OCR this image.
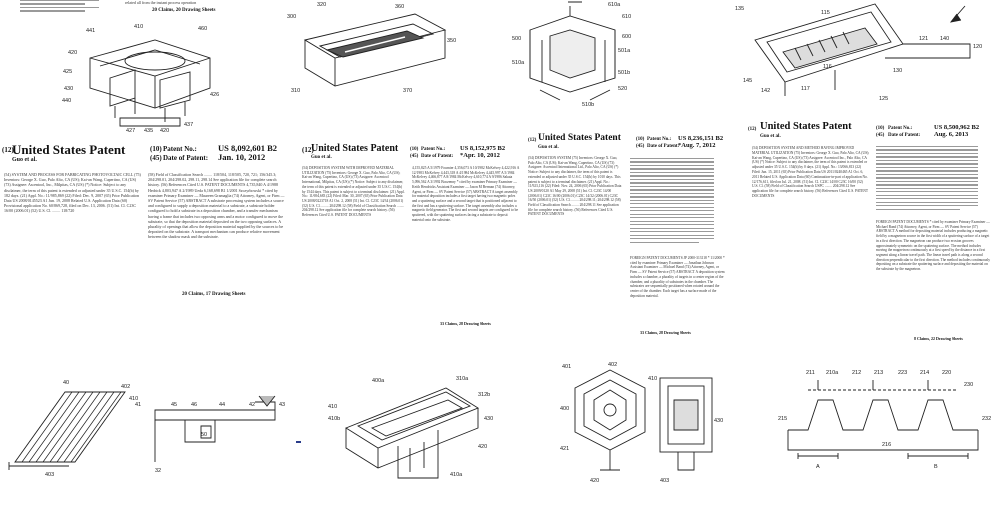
related all from the instant process operation
20 Claims, 20 Drawing Sheets
441
410	460
420
425
430
440
426
427 435 420
437
300
320	360
350
310	370
610a
610
600
500
501a
510a
501b
520
510b
135
115
121 140
120
116
145
142	117
130
125
(12)
United States Patent
Guo et al.
(10) Patent No.: US 8,092,601 B2
(45) Date of Patent: Jan. 10, 2012
(54) SYSTEM AND PROCESS FOR FABRICATING PHOTOVOLTAIC CELL (75) Inventors: George X. Guo, Palo Alto, CA (US); Kai-an Wang, Cupertino, CA (US) (73) Assignee: Ascentool, Inc., Milpitas, CA (US) (*) Notice: Subject to any disclaimer, the term of this patent is extended or adjusted under 35 U.S.C. 154(b) by 182 days. (21) Appl. No.: 11/985,869 (22) Filed: Dec. 9, 2007 (65) Prior Publication Data US 2008/0145523 A1 Jun. 19, 2008 Related U.S. Application Data (60) Provisional application No. 60/869,728, filed on Dec. 13, 2006. (51) Int. Cl. C23C 16/00 (2006.01) (52) U.S. Cl. ........ 118/720
(58) Field of Classification Search ........ 118/504, 118/505, 720, 721; 156/345.3; 204/298.01, 204/298.02, 298.11, 298.14 See application file for complete search history. (56) References Cited U.S. PATENT DOCUMENTS 4,735,840 A 4/1988 Hedrick 4,803,947 A 2/1989 Ueda 6,168,698 B1 1/2001 Szczyrbowski * cited by examiner Primary Examiner — Maureen Gramaglia (74) Attorney, Agent, or Firm — SV Patent Service (57) ABSTRACT A substrate processing system includes a source and configured to supply a deposition material to a substrate, a substrate holder configured to hold a substrate in a deposition chamber, and a transfer mechanism having a frame that includes two opposing arms and a motor configured to move the substrate, so that the deposition material deposited on the two opposing surfaces. A plurality of openings that allow the deposition material supplied by the sources to be deposited on the substrate. A transport mechanism can produce relative movement between the shadow mask and the substrate.
20 Claims, 17 Drawing Sheets
(12)
United States Patent
Guo et al.
(10) Patent No.: US 8,152,975 B2
(45) Date of Patent: *Apr. 10, 2012
(54) DEPOSITION SYSTEM WITH IMPROVED MATERIAL UTILIZATION (75) Inventors: George X. Guo, Palo Alto, CA (US); Kai-an Wang, Cupertino, CA (US) (73) Assignee: Ascentool International, Milpitas, CA (US) (*) Notice: Subject to any disclaimer, the term of this patent is extended or adjusted under 35 U.S.C. 154(b) by 1544 days. This patent is subject to a terminal disclaimer. (21) Appl. No.: 11/694,683 (22) Filed: Mar. 30, 2007 (65) Prior Publication Data US 2008/0223718 A1 Oct. 2, 2008 (51) Int. Cl. C23C 14/34 (2006.01) (52) U.S. Cl. ........ 204/298.12 (58) Field of Classification Search ........ 204/298.12 See application file for complete search history. (56) References Cited U.S. PATENT DOCUMENTS
4,155,825 A 5/1979 Fournier 4,356,073 A 10/1982 McKelvey 4,422,916 A 12/1983 McKelvey 4,443,318 A 4/1984 McKelvey 4,445,997 A 5/1984 McKelvey 4,466,877 A 8/1984 McKelvey 4,610,774 A 9/1986 Sakata 5,096,562 A 3/1992 Boozenny * cited by examiner Primary Examiner — Keith Hendricks Assistant Examiner — Jason M Berman (74) Attorney, Agent, or Firm — SV Patent Service (57) ABSTRACT A target assembly for material deposition includes a first target having two magnetic poles and a sputtering surface and a second target that is positioned adjacent to the first and has a sputtering surface. The target assembly also includes a magnetic field generator. The first and second targets are configured to be sputtered, with the sputtering surfaces facing a substrate to deposit material onto the substrate.
33 Claims, 28 Drawing Sheets
(12) United States Patent
Guo et al.
(10) Patent No.: US 8,236,151 B2
(45) Date of Patent:
*Aug. 7, 2012
(54) DEPOSITION SYSTEM (75) Inventors: George X. Guo, Palo Alto, CA (US); Kai-an Wang, Cupertino, CA (US) (73) Assignee: Ascentool International Ltd., Palo Alto, CA (US) (*) Notice: Subject to any disclaimer, the term of this patent is extended or adjusted under 35 U.S.C. 154(b) by 1010 days. This patent is subject to a terminal disclaimer. (21) Appl. No.: 11/923,116 (22) Filed: Nov. 24, 2006 (65) Prior Publication Data US 2009/0120 A1 May 29, 2008 (51) Int. Cl. C23C 14/00 (2006.01) C23C 16/00 (2006.01) C23C 14/32 (2006.01) C23C 16/50 (2006.01) (52) U.S. Cl. ........ 204/298.11; 204/298.12 (58) Field of Classification Search ........ 204/298.11 See application file for complete search history. (56) References Cited U.S. PATENT DOCUMENTS
FOREIGN PATENT DOCUMENTS JP 2000-313118 * 11/2000 * cited by examiner Primary Examiner — Jonathan Johnson Assistant Examiner — Michael Band (74) Attorney, Agent, or Firm — SV Patent Service (57) ABSTRACT A deposition system includes a chamber, a plurality of targets in a center region of the chamber, and a plurality of substrates in the chamber. The substrates are sequentially positioned when rotated around the center of the chamber. Each target has a surface made of the deposition material.
33 Claims, 28 Drawing Sheets
(12) United States Patent
Guo et al.
(10) Patent No.:	US 8,500,962 B2
(45) Date of Patent: Aug. 6, 2013
(54) DEPOSITION SYSTEM AND METHOD HAVING IMPROVED MATERIAL UTILIZATION (75) Inventors: George X. Guo, Palo Alto, CA (US); Kai-an Wang, Cupertino, CA (US) (73) Assignee: Ascentool Inc., Palo Alto, CA (US) (*) Notice: Subject to any disclaimer, the term of this patent is extended or adjusted under 35 U.S.C. 154(b) by 0 days. (21) Appl. No.: 13/066,813 (22) Filed: Jun. 15, 2011 (65) Prior Publication Data US 2011/0240465 A1 Oct. 6, 2011 Related U.S. Application Data (60) Continuation-in-part of application No. 12/176,611, filed on Jul. 21, 2008. (51) Int. Cl. C23C 14/00 C23C 16/00 (52) U.S. Cl. (58) Field of Classification Search USPC ........ 204/298.12 See application file for complete search history. (56) References Cited U.S. PATENT DOCUMENTS
FOREIGN PATENT DOCUMENTS * cited by examiner Primary Examiner — Michael Band (74) Attorney, Agent, or Firm — SV Patent Service (57) ABSTRACT A method for depositing material includes producing a magnetic field by a magnetron source in the first width of a sputtering surface of a target in a first direction. The magnetron can produce two erosion grooves approximately symmetric on the sputtering surface. The method includes moving the magnetron continuously at a first speed by the distance in a first segment along a linear travel path. The linear travel path is along a second direction perpendicular to the first direction. The method includes continuously depositing on a substrate the sputtering surface and depositing the material on the substrate by the magnetron.
8 Claims, 22 Drawing Sheets
40
402
410
403
41	45	46	44	42	43
50
32
400a	310a
410
410b
312b
430
420
410a
401	402
410
400
421
420	403
430
211 210a	212 213	223 214 220
230
215	232
216
A	B
